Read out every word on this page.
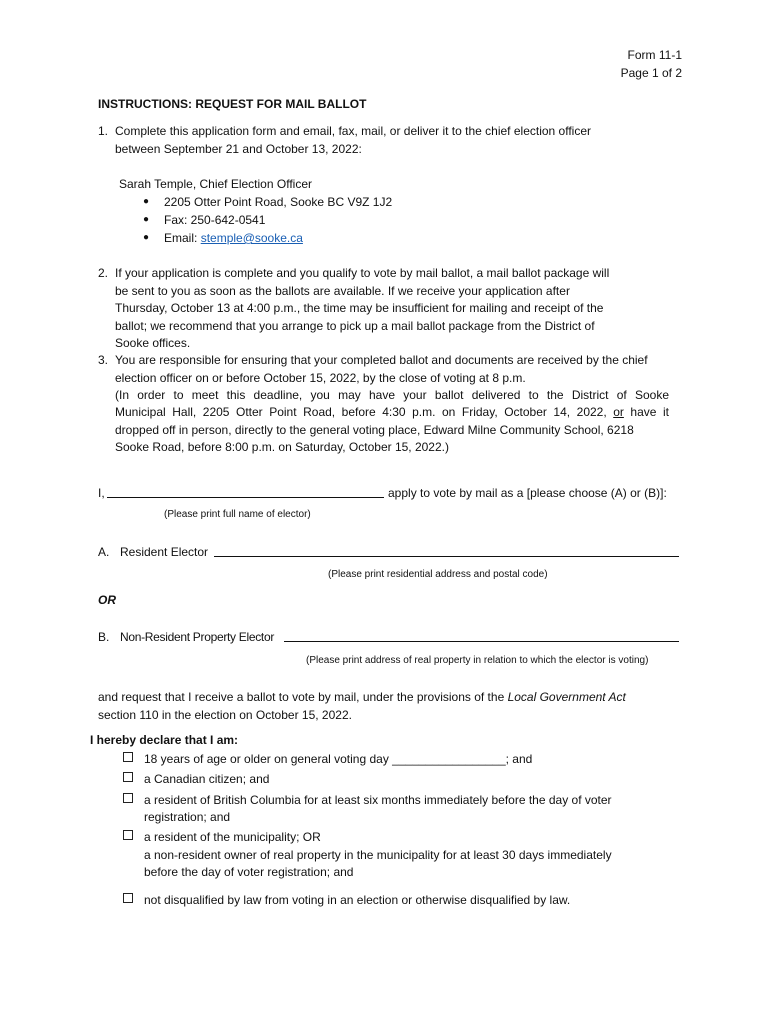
Form 11-1
Page 1 of 2
INSTRUCTIONS: REQUEST FOR MAIL BALLOT
1. Complete this application form and email, fax, mail, or deliver it to the chief election officer
between September 21 and October 13, 2022:
Sarah Temple, Chief Election Officer
● 2205 Otter Point Road, Sooke BC V9Z 1J2
● Fax: 250-642-0541
● Email: stemple@sooke.ca
2. If your application is complete and you qualify to vote by mail ballot, a mail ballot package will
be sent to you as soon as the ballots are available. If we receive your application after
Thursday, October 13 at 4:00 p.m., the time may be insufficient for mailing and receipt of the
ballot; we recommend that you arrange to pick up a mail ballot package from the District of
Sooke offices.
3. You are responsible for ensuring that your completed ballot and documents are received by the chief
election officer on or before October 15, 2022, by the close of voting at 8 p.m.
(In order to meet this deadline, you may have your ballot delivered to the District of Sooke
Municipal Hall, 2205 Otter Point Road, before 4:30 p.m. on Friday, October 14, 2022, or have it
dropped off in person, directly to the general voting place, Edward Milne Community School, 6218
Sooke Road, before 8:00 p.m. on Saturday, October 15, 2022.)
I,	apply to vote by mail as a [please choose (A) or (B)]:
(Please print full name of elector)
A. Resident Elector
(Please print residential address and postal code)
OR
B. Non-Resident Property Elector
(Please print address of real property in relation to which the elector is voting)
and request that I receive a ballot to vote by mail, under the provisions of the Local Government Act
section 110 in the election on October 15, 2022.
I hereby declare that I am:
18 years of age or older on general voting day _________________; and
a Canadian citizen; and
a resident of British Columbia for at least six months immediately before the day of voter
registration; and
a resident of the municipality; OR
a non-resident owner of real property in the municipality for at least 30 days immediately
before the day of voter registration; and
not disqualified by law from voting in an election or otherwise disqualified by law.
